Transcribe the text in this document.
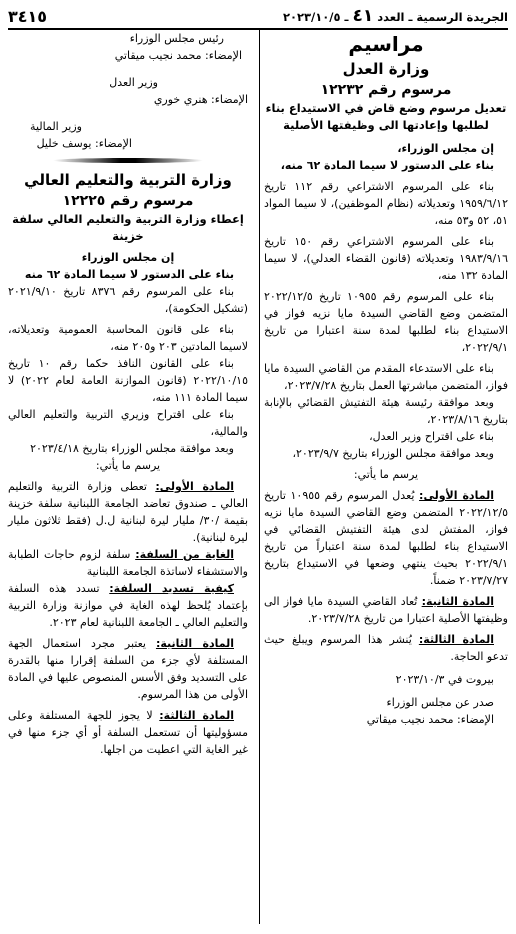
الجريدة الرسمية ـ العدد٤١ـ ٢٠٢٣/١٠/٥
٣٤١٥
مراسيم
وزارة العدل
مرسوم رقم ١٢٢٣٢

تعديل مرسوم وضع قاض في الاستيداع بناء لطلبها وإعادتها الى وظيفتها الأصلية

إن مجلس الوزراء،

بناء على الدستور لا سيما المادة ٦٢ منه،

بناء على المرسوم الاشتراعي رقم ١١٢ تاريخ ١٩٥٩/٦/١٢ وتعديلاته (نظام الموظفين)، لا سيما المواد ٥١، ٥٢ و٥٣ منه،

بناء على المرسوم الاشتراعي رقم ١٥٠ تاريخ ١٩٨٣/٩/١٦ وتعديلاته (قانون القضاء العدلي)، لا سيما المادة ١٣٢ منه،

بناء على المرسوم رقم ١٠٩٥٥ تاريخ ٢٠٢٢/١٢/٥ المتضمن وضع القاضي السيدة مايا نزيه فواز في الاستيداع بناء لطلبها لمدة سنة اعتبارا من تاريخ ٢٠٢٢/٩/١،

بناء على الاستدعاء المقدم من القاضي السيدة مايا فواز، المتضمن مباشرتها العمل بتاريخ ٢٠٢٣/٧/٢٨،

وبعد موافقة رئيسة هيئة التفتيش القضائي بالإنابة بتاريخ ٢٠٢٣/٨/١٦،

بناء على اقتراح وزير العدل،

وبعد موافقة مجلس الوزراء بتاريخ ٢٠٢٣/٩/٧،

يرسم ما يأتي:

المادة الأولى: يُعدل المرسوم رقم ١٠٩٥٥ تاريخ ٢٠٢٢/١٢/٥ المتضمن وضع القاضي السيدة مايا نزيه فواز، المفتش لدى هيئة التفتيش القضائي في الاستيداع بناء لطلبها لمدة سنة اعتباراً من تاريخ ٢٠٢٢/٩/١ بحيث ينتهي وضعها في الاستيداع بتاريخ ٢٠٢٣/٧/٢٧ ضمناً.

المادة الثانية: تُعاد القاضي السيدة مايا فواز الى وظيفتها الأصلية اعتبارا من تاريخ ٢٠٢٣/٧/٢٨.

المادة الثالثة: يُنشر هذا المرسوم ويبلغ حيث تدعو الحاجة.

بيروت في ٢٠٢٣/١٠/٣

صدر عن مجلس الوزراء

الإمضاء: محمد نجيب ميقاتي

رئيس مجلس الوزراء

الإمضاء: محمد نجيب ميقاتي

وزير العدل

الإمضاء: هنري خوري

وزير المالية

الإمضاء: يوسف خليل

وزارة التربية والتعليم العالي
مرسوم رقم ١٢٢٢٥

إعطاء وزارة التربية والتعليم العالي سلفة خزينة

إن مجلس الوزراء

بناء على الدستور لا سيما المادة ٦٢ منه

بناء على المرسوم رقم ٨٣٧٦ تاريخ ٢٠٢١/٩/١٠ (تشكيل الحكومة)،

بناء على قانون المحاسبة العمومية وتعديلاته، لاسيما المادتين ٢٠٣ و٢٠٥ منه،

بناء على القانون النافذ حكما رقم ١٠ تاريخ ٢٠٢٢/١٠/١٥ (قانون الموازنة العامة لعام ٢٠٢٢) لا سيما المادة ١١١ منه،

بناء على اقتراح وزيري التربية والتعليم العالي والمالية،

وبعد موافقة مجلس الوزراء بتاريخ ٢٠٢٣/٤/١٨

يرسم ما يأتي:

المادة الأولى: تعطى وزارة التربية والتعليم العالي ـ صندوق تعاضد الجامعة اللبنانية سلفة خزينة بقيمة /٣٠/ مليار ليرة لبنانية ل.ل (فقط ثلاثون مليار ليرة لبنانية).

الغاية من السلفة: سلفة لزوم حاجات الطبابة والاستشفاء لاساتذة الجامعة اللبنانية

كيفية تسديد السلفة: تسدد هذه السلفة بإعتماد يُلحظ لهذه الغاية في موازنة وزارة التربية والتعليم العالي ـ الجامعة اللبنانية لعام ٢٠٢٣.

المادة الثانية: يعتبر مجرد استعمال الجهة المستلفة لأي جزء من السلفة إقرارا منها بالقدرة على التسديد وفق الأسس المنصوص عليها في المادة الأولى من هذا المرسوم.

المادة الثالثة: لا يجوز للجهة المستلفة وعلى مسؤوليتها أن تستعمل السلفة أو أي جزء منها في غير الغاية التي اعطيت من اجلها.
